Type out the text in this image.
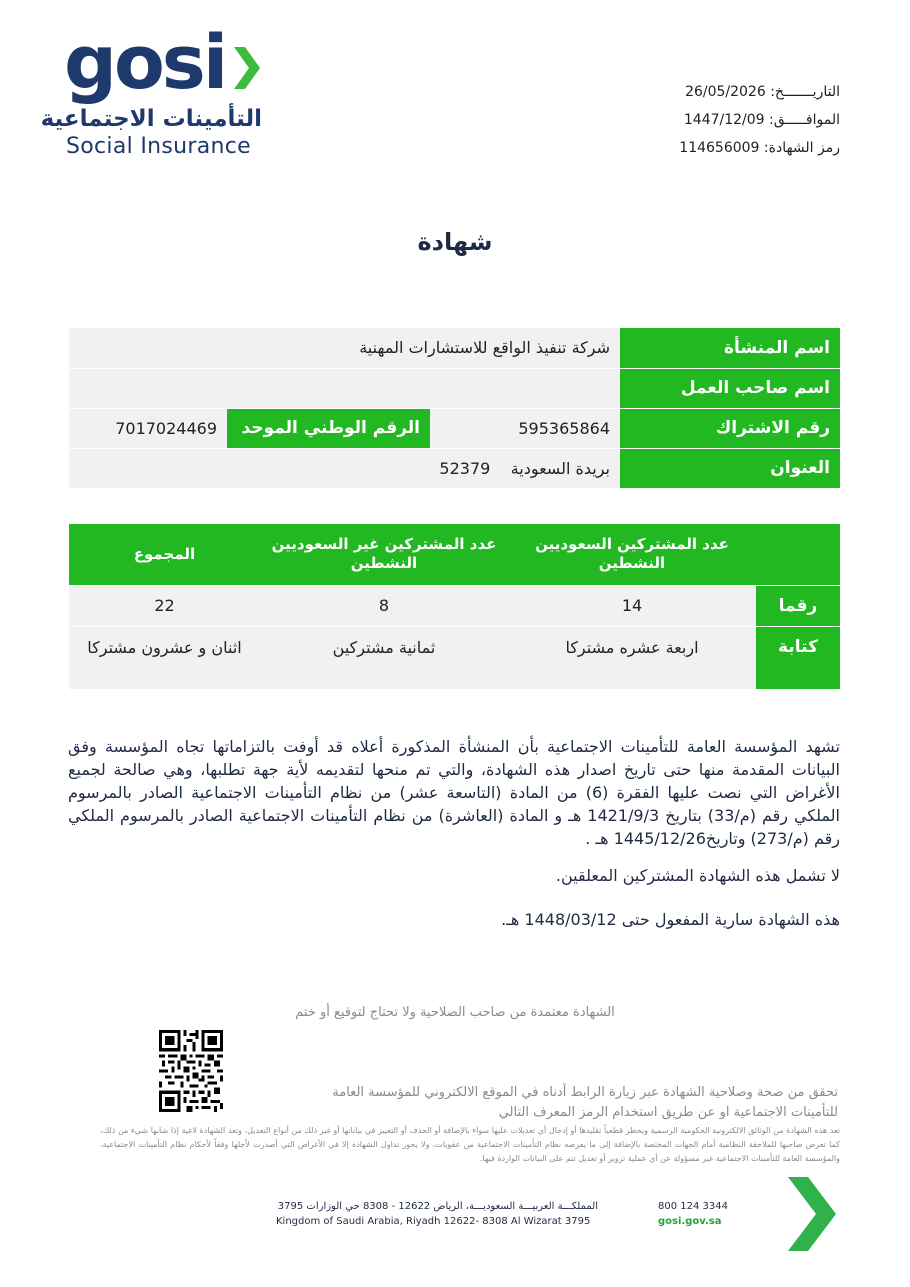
gosi
التأمينات الاجتماعية
Social Insurance
التاريـــــــخ: 26/05/2026
الموافـــــق: 1447/12/09
رمز الشهادة: 114656009
شهادة
اسم المنشأة	شركة تنفيذ الواقع للاستشارات المهنية		
اسم صاحب العمل			
رقم الاشتراك	595365864	الرقم الوطني الموحد	7017024469
العنوان	بريدة السعودية    52379		
	عدد المشتركين السعوديين النشطين	عدد المشتركين غير السعوديين النشطين	المجموع
رقما	14	8	22
كتابة	اربعة عشره مشتركا	ثمانية مشتركين	اثنان و عشرون مشتركا
تشهد المؤسسة العامة للتأمينات الاجتماعية بأن المنشأة المذكورة أعلاه قد أوفت بالتزاماتها تجاه المؤسسة وفق البيانات المقدمة منها حتى تاريخ اصدار هذه الشهادة، والتي تم منحها لتقديمه لأية جهة تطلبها، وهي صالحة لجميع الأغراض التي نصت عليها الفقرة (6) من المادة (التاسعة عشر) من نظام التأمينات الاجتماعية الصادر بالمرسوم الملكي رقم (م/33) بتاريخ 1421/9/3 هـ و المادة (العاشرة) من نظام التأمينات الاجتماعية الصادر بالمرسوم الملكي رقم (م/273) وتاريخ1445/12/26 هـ .
لا تشمل هذه الشهادة المشتركين المعلقين.
هذه الشهادة سارية المفعول حتى 1448/03/12 هـ.
الشهادة معتمدة من صاحب الصلاحية ولا تحتاج لتوقيع أو ختم
تحقق من صحة وصلاحية الشهادة عبر زيارة الرابط أدناه في الموقع الالكتروني للمؤسسة العامة
للتأمينات الاجتماعية او عن طريق استخدام الرمز المعرف التالي
تعد هذه الشهادة من الوثائق الالكترونية الحكومية الرسمية ويحظر قطعياً تقليدها أو إدخال أي تعديلات عليها سواء بالإضافة أو الحذف أو التغيير في بياناتها أو غير ذلك من أنواع التعديل، وتعد الشهادة لاغية إذا شابها شيء من ذلك، كما تعرض صاحبها للملاحقة النظامية أمام الجهات المختصة بالإضافة إلى ما يفرضه نظام التأمينات الاجتماعية من عقوبات، ولا يجوز تداول الشهادة إلا في الأغراض التي أصدرت لأجلها وفقاً لأحكام نظام التأمينات الاجتماعية، والمؤسسة العامة للتأمينات الاجتماعية غير مسؤولة عن أي عملية تزوير أو تعديل تتم على البيانات الواردة فيها.
المملكـــة العربيـــة السعوديـــة، الرياض 12622 - 8308 حي الوزارات 3795
Kingdom of Saudi Arabia, Riyadh 12622- 8308 Al Wizarat 3795
800 124 3344
gosi.gov.sa
